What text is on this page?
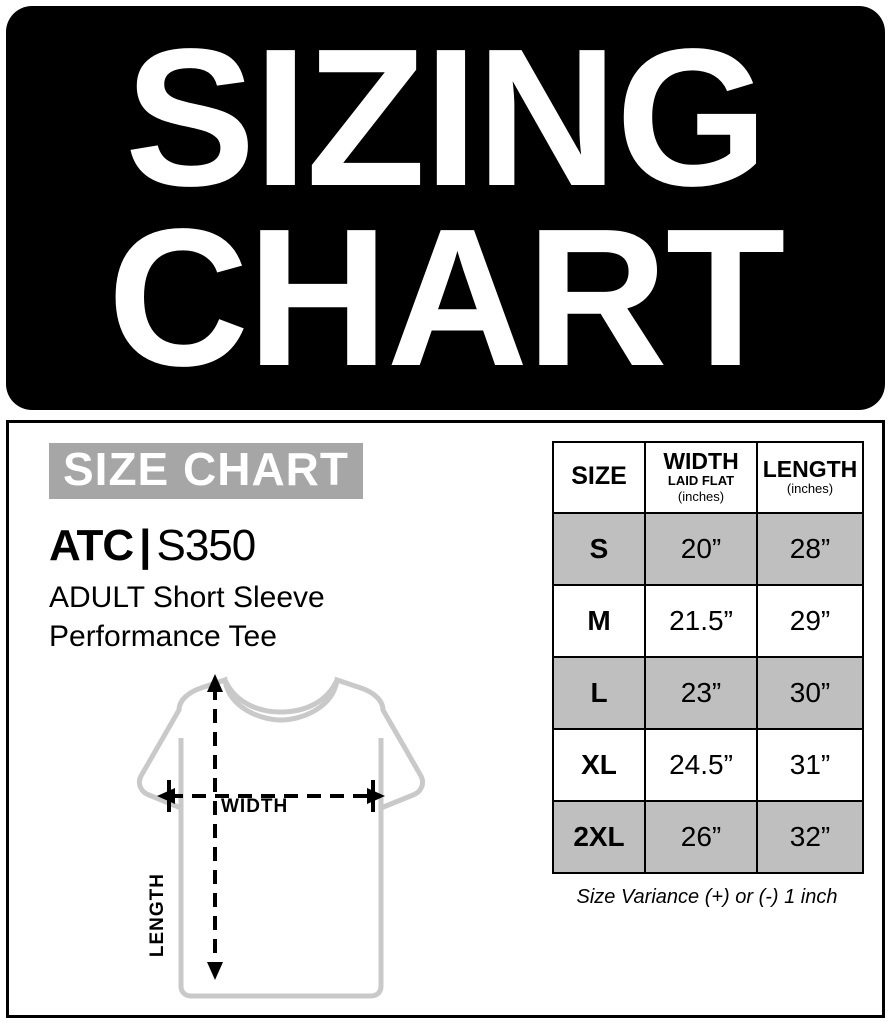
SIZING
CHART
SIZE CHART
ATC | S350
ADULT Short Sleeve
Performance Tee
WIDTH
LENGTH
SIZE

WIDTH
LAID FLAT
(inches)

LENGTH
(inches)

S	20”	28”
M	21.5”	29”
L	23”	30”
XL	24.5”	31”
2XL	26”	32”
Size Variance (+) or (-) 1 inch
